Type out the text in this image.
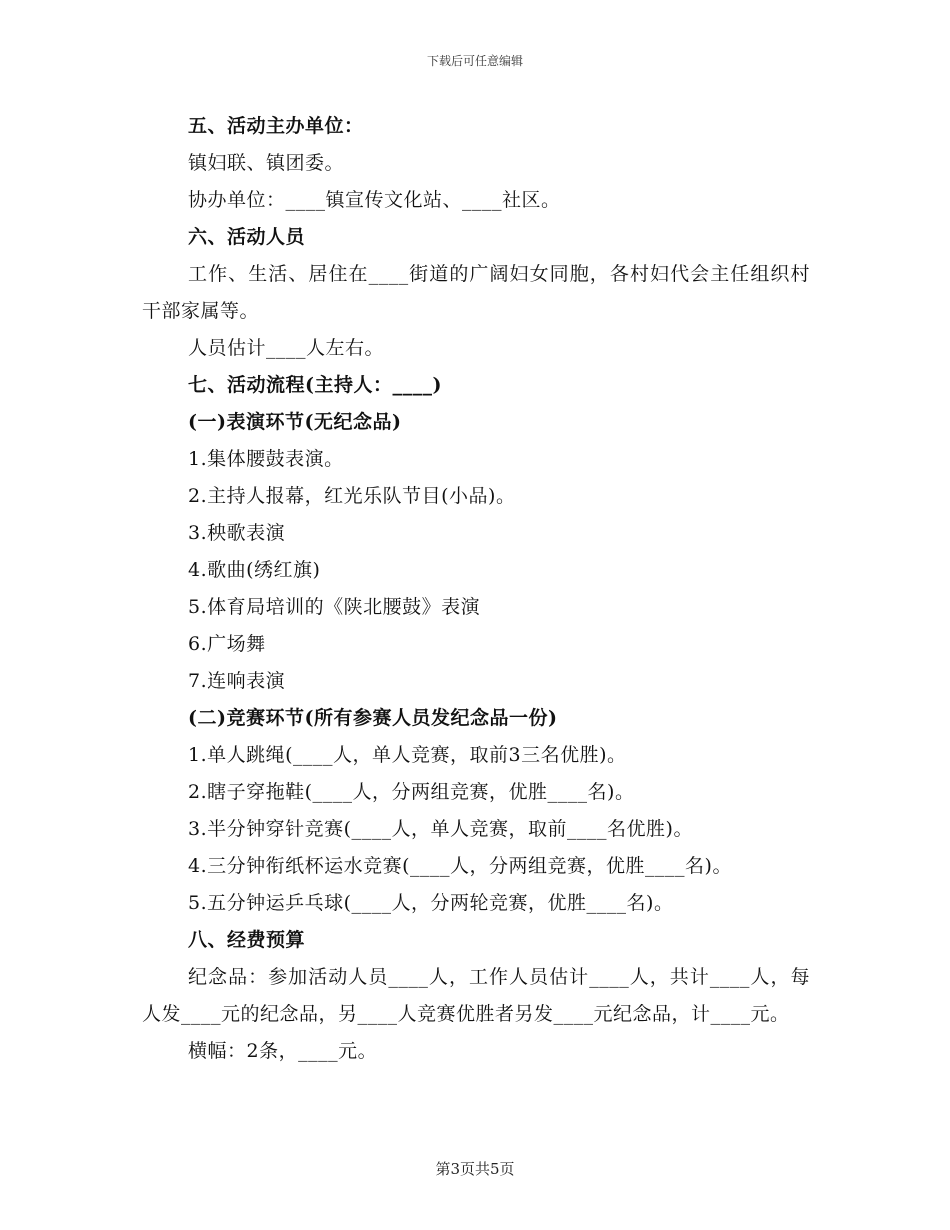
下载后可任意编辑

五、活动主办单位：

镇妇联、镇团委。

协办单位：____镇宣传文化站、____社区。

六、活动人员

工作、生活、居住在____街道的广阔妇女同胞，各村妇代会主任组织村干部家属等。

人员估计____人左右。

七、活动流程(主持人：____)

(一)表演环节(无纪念品)

1.集体腰鼓表演。

2.主持人报幕，红光乐队节目(小品)。

3.秧歌表演

4.歌曲(绣红旗)

5.体育局培训的《陕北腰鼓》表演

6.广场舞

7.连响表演

(二)竞赛环节(所有参赛人员发纪念品一份)

1.单人跳绳(____人，单人竞赛，取前3三名优胜)。

2.瞎子穿拖鞋(____人，分两组竞赛，优胜____名)。

3.半分钟穿针竞赛(____人，单人竞赛，取前____名优胜)。

4.三分钟衔纸杯运水竞赛(____人，分两组竞赛，优胜____名)。

5.五分钟运乒乓球(____人，分两轮竞赛，优胜____名)。

八、经费预算

纪念品：参加活动人员____人，工作人员估计____人，共计____人，每人发____元的纪念品，另____人竞赛优胜者另发____元纪念品，计____元。

横幅：2条，____元。

第3页共5页
